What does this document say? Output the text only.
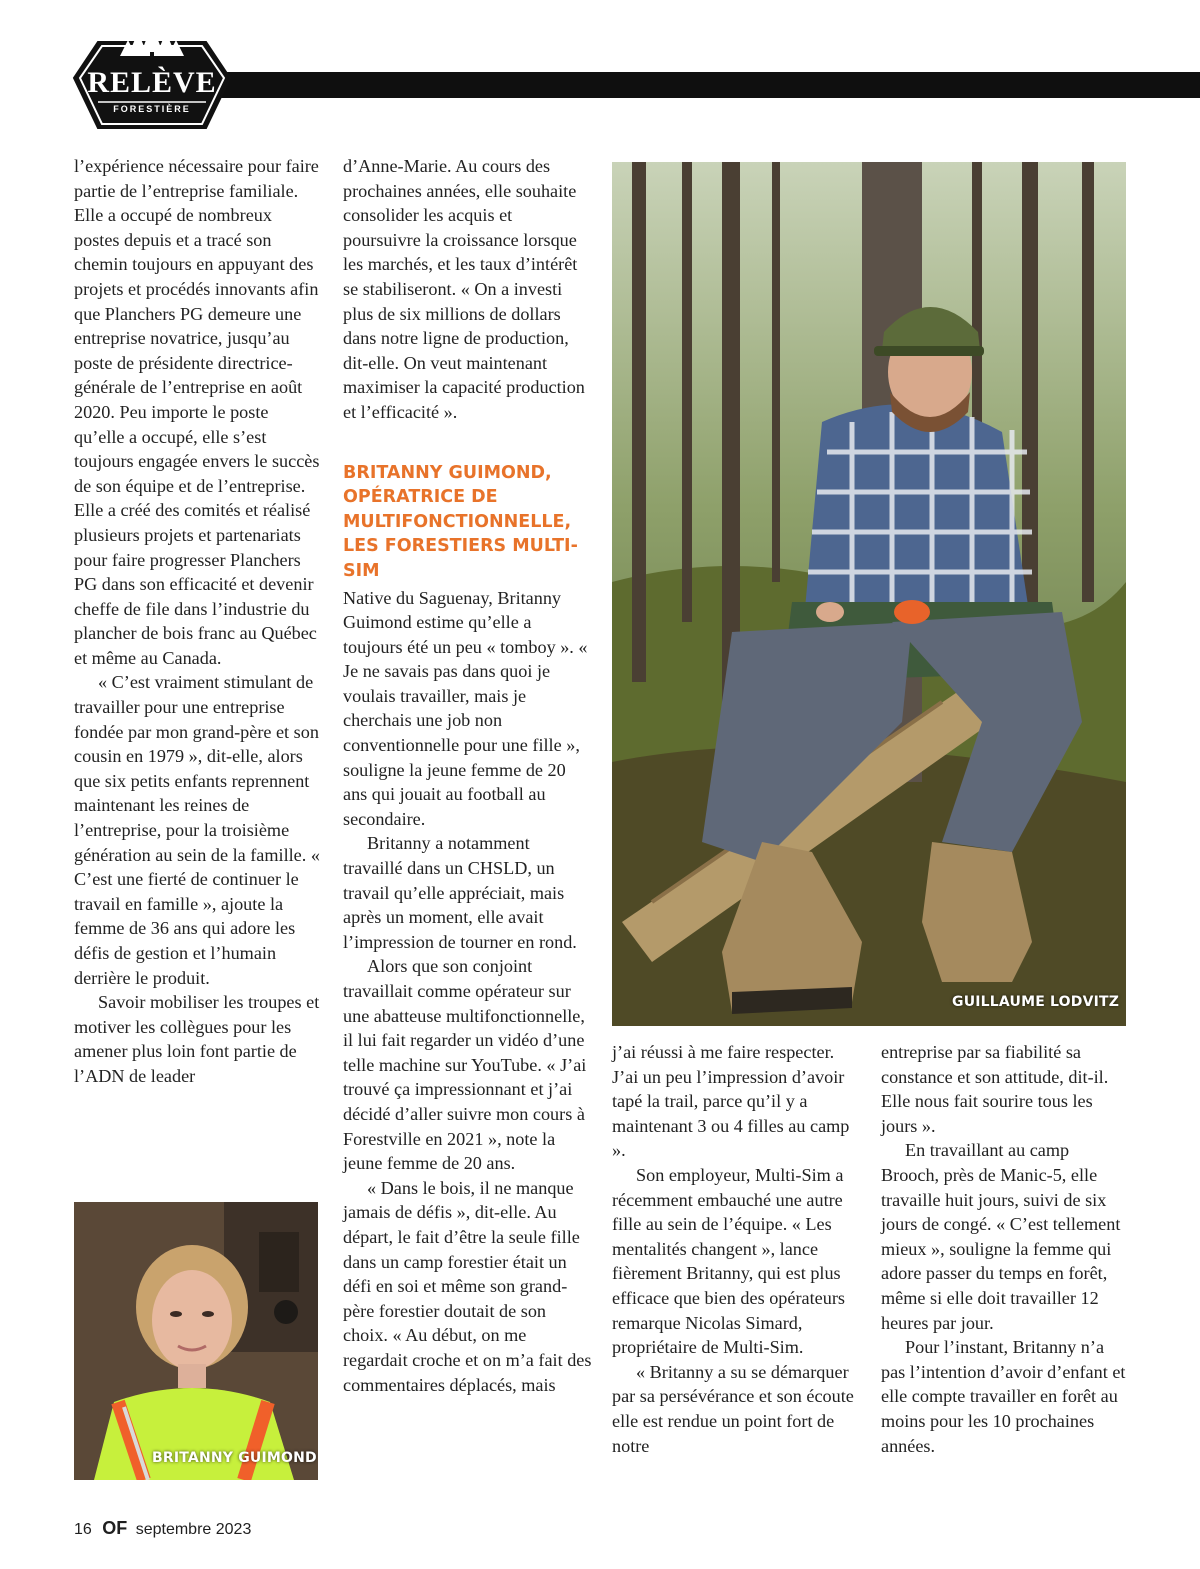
RELÈVE
FORESTIÈRE

l’expérience nécessaire pour faire partie de l’entreprise familiale. Elle a occupé de nombreux postes depuis et a tracé son chemin toujours en appuyant des projets et procédés innovants afin que Planchers PG demeure une entreprise novatrice, jusqu’au poste de présidente directrice-générale de l’entreprise en août 2020. Peu importe le poste qu’elle a occupé, elle s’est toujours engagée envers le succès de son équipe et de l’entreprise. Elle a créé des comités et réalisé plusieurs projets et partenariats pour faire progresser Planchers PG dans son efficacité et devenir cheffe de file dans l’industrie du plancher de bois franc au Québec et même au Canada.

« C’est vraiment stimulant de travailler pour une entreprise fondée par mon grand-père et son cousin en 1979 », dit-elle, alors que six petits enfants reprennent maintenant les reines de l’entreprise, pour la troisième génération au sein de la famille. « C’est une fierté de continuer le travail en famille », ajoute la femme de 36 ans qui adore les défis de gestion et l’humain derrière le produit.

Savoir mobiliser les troupes et motiver les collègues pour les amener plus loin font partie de l’ADN de leader

BRITANNY GUIMOND

d’Anne-Marie. Au cours des prochaines années, elle souhaite consolider les acquis et poursuivre la croissance lorsque les marchés, et les taux d’intérêt se stabiliseront. « On a investi plus de six millions de dollars dans notre ligne de production, dit-elle. On veut maintenant maximiser la capacité production et l’efficacité ».

BRITANNY GUIMOND, OPÉRATRICE DE MULTIFONCTIONNELLE, LES FORESTIERS MULTI-SIM

Native du Saguenay, Britanny Guimond estime qu’elle a toujours été un peu « tomboy ». « Je ne savais pas dans quoi je voulais travailler, mais je cherchais une job non conventionnelle pour une fille », souligne la jeune femme de 20 ans qui jouait au football au secondaire.

Britanny a notamment travaillé dans un CHSLD, un travail qu’elle appréciait, mais après un moment, elle avait l’impression de tourner en rond.

Alors que son conjoint travaillait comme opérateur sur une abatteuse multifonctionnelle, il lui fait regarder un vidéo d’une telle machine sur YouTube. « J’ai trouvé ça impressionnant et j’ai décidé d’aller suivre mon cours à Forestville en 2021 », note la jeune femme de 20 ans.

« Dans le bois, il ne manque jamais de défis », dit-elle. Au départ, le fait d’être la seule fille dans un camp forestier était un défi en soi et même son grand-père forestier doutait de son choix. « Au début, on me regardait croche et on m’a fait des commentaires déplacés, mais

GUILLAUME LODVITZ

j’ai réussi à me faire respecter. J’ai un peu l’impression d’avoir tapé la trail, parce qu’il y a maintenant 3 ou 4 filles au camp ».

Son employeur, Multi-Sim a récemment embauché une autre fille au sein de l’équipe. « Les mentalités changent », lance fièrement Britanny, qui est plus efficace que bien des opérateurs remarque Nicolas Simard, propriétaire de Multi-Sim.

« Britanny a su se démarquer par sa persévérance et son écoute elle est rendue un point fort de notre

entreprise par sa fiabilité sa constance et son attitude, dit-il. Elle nous fait sourire tous les jours ».

En travaillant au camp Brooch, près de Manic-5, elle travaille huit jours, suivi de six jours de congé. « C’est tellement mieux », souligne la femme qui adore passer du temps en forêt, même si elle doit travailler 12 heures par jour.

Pour l’instant, Britanny n’a pas l’intention d’avoir d’enfant et elle compte travailler en forêt au moins pour les 10 prochaines années.

16 OF septembre 2023
